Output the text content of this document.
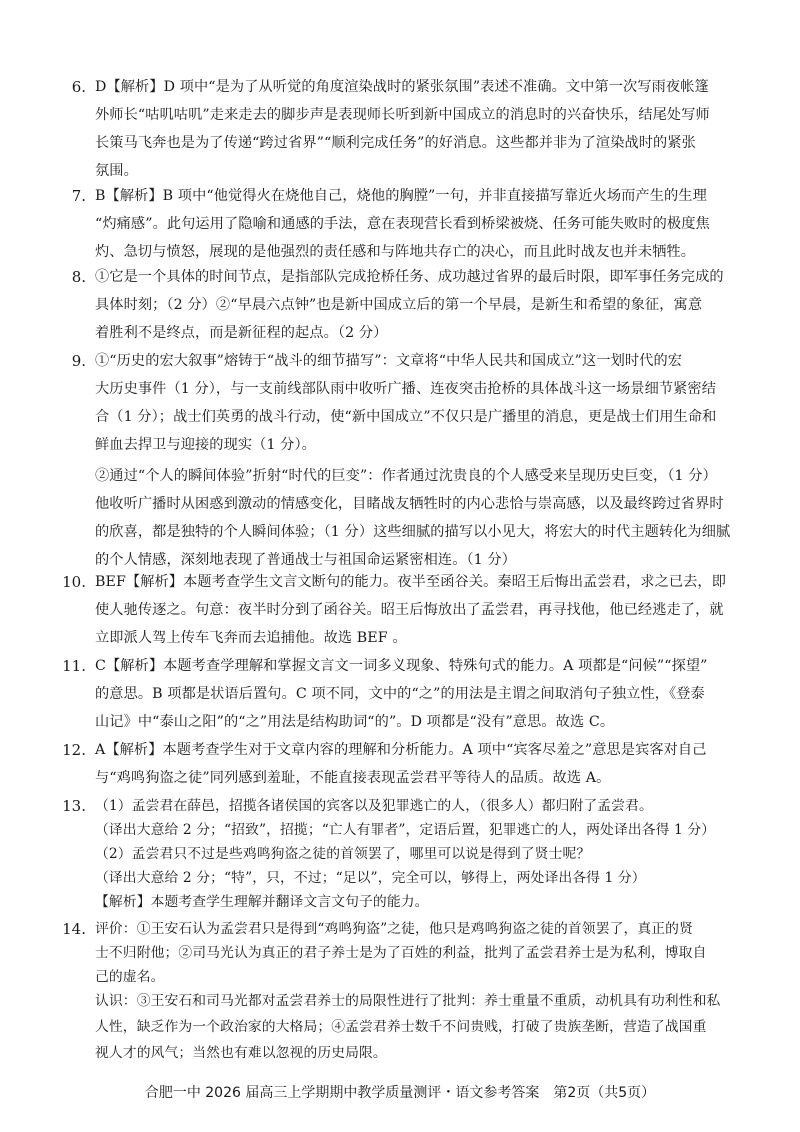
6. D【解析】D 项中“是为了从听觉的角度渲染战时的紧张氛围”表述不准确。文中第一次写雨夜帐篷
外师长“咕叽咕叽”走来走去的脚步声是表现师长听到新中国成立的消息时的兴奋快乐，结尾处写师
长策马飞奔也是为了传递“跨过省界”“顺利完成任务”的好消息。这些都并非为了渲染战时的紧张
氛围。
7. B【解析】B 项中“他觉得火在烧他自己，烧他的胸膛”一句，并非直接描写靠近火场而产生的生理
“灼痛感”。此句运用了隐喻和通感的手法，意在表现营长看到桥梁被烧、任务可能失败时的极度焦
灼、急切与愤怒，展现的是他强烈的责任感和与阵地共存亡的决心，而且此时战友也并未牺牲。
8. ①它是一个具体的时间节点，是指部队完成抢桥任务、成功越过省界的最后时限，即军事任务完成的
具体时刻；（2 分）②“早晨六点钟”也是新中国成立后的第一个早晨，是新生和希望的象征，寓意
着胜利不是终点，而是新征程的起点。（2 分）
9. ①“历史的宏大叙事”熔铸于“战斗的细节描写”：文章将“中华人民共和国成立”这一划时代的宏
大历史事件（1 分），与一支前线部队雨中收听广播、连夜突击抢桥的具体战斗这一场景细节紧密结
合（1 分）；战士们英勇的战斗行动，使“新中国成立”不仅只是广播里的消息，更是战士们用生命和
鲜血去捍卫与迎接的现实（1 分）。
②通过“个人的瞬间体验”折射“时代的巨变”：作者通过沈贵良的个人感受来呈现历史巨变，（1 分）
他收听广播时从困惑到激动的情感变化，目睹战友牺牲时的内心悲恰与崇高感，以及最终跨过省界时
的欣喜，都是独特的个人瞬间体验；（1 分）这些细腻的描写以小见大，将宏大的时代主题转化为细腻
的个人情感，深刻地表现了普通战士与祖国命运紧密相连。（1 分）
10. BEF【解析】本题考查学生文言文断句的能力。夜半至函谷关。秦昭王后悔出孟尝君，求之已去，即
使人驰传逐之。句意：夜半时分到了函谷关。昭王后悔放出了孟尝君，再寻找他，他已经逃走了，就
立即派人驾上传车飞奔而去追捕他。故选 BEF 。
11. C【解析】本题考查学理解和掌握文言文一词多义现象、特殊句式的能力。A 项都是“问候”“探望”
的意思。B 项都是状语后置句。C 项不同，文中的“之”的用法是主谓之间取消句子独立性，《登泰
山记》中“泰山之阳”的“之”用法是结构助词“的”。D 项都是“没有”意思。故选 C。
12. A【解析】本题考查学生对于文章内容的理解和分析能力。A 项中“宾客尽羞之”意思是宾客对自己
与“鸡鸣狗盗之徒”同列感到羞耻，不能直接表现孟尝君平等待人的品质。故选 A。
13. （1）孟尝君在薛邑，招揽各诸侯国的宾客以及犯罪逃亡的人，（很多人）都归附了孟尝君。
（译出大意给 2 分；“招致”，招揽；“亡人有罪者”，定语后置，犯罪逃亡的人，两处译出各得 1 分）
（2）孟尝君只不过是些鸡鸣狗盗之徒的首领罢了，哪里可以说是得到了贤士呢？
（译出大意给 2 分；“特”，只，不过；“足以”，完全可以，够得上，两处译出各得 1 分）
【解析】本题考查学生理解并翻译文言文句子的能力。
14. 评价：①王安石认为孟尝君只是得到“鸡鸣狗盗”之徒，他只是鸡鸣狗盗之徒的首领罢了，真正的贤
士不归附他；②司马光认为真正的君子养士是为了百姓的利益，批判了孟尝君养士是为私利，博取自
己的虚名。
认识：③王安石和司马光都对孟尝君养士的局限性进行了批判：养士重量不重质，动机具有功利性和私
人性，缺乏作为一个政治家的大格局；④孟尝君养士数千不问贵贱，打破了贵族垄断，营造了战国重
视人才的风气；当然也有难以忽视的历史局限。
合肥一中 2026 届高三上学期期中教学质量测评・语文参考答案　第2页（共5页）
